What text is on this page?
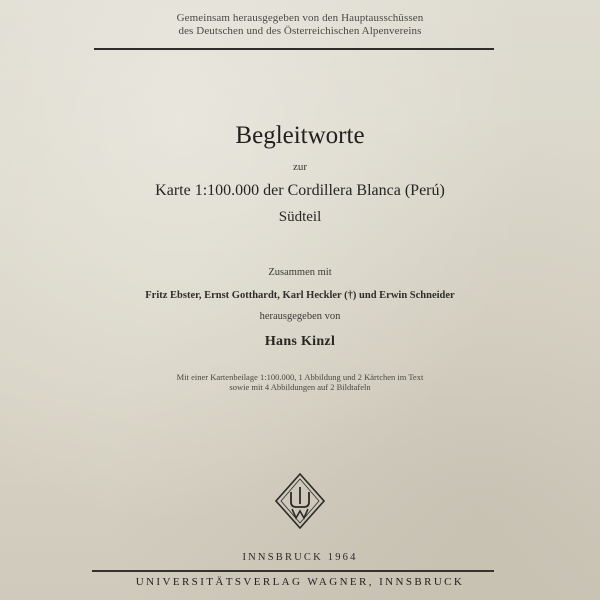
Gemeinsam herausgegeben von den Hauptausschüssen
des Deutschen und des Österreichischen Alpenvereins
Begleitworte
zur
Karte 1:100.000 der Cordillera Blanca (Perú)
Südteil
Zusammen mit
Fritz Ebster, Ernst Gotthardt, Karl Heckler (†) und Erwin Schneider
herausgegeben von
Hans Kinzl
Mit einer Kartenbeilage 1:100.000, 1 Abbildung und 2 Kärtchen im Text
sowie mit 4 Abbildungen auf 2 Bildtafeln
INNSBRUCK 1964
UNIVERSITÄTSVERLAG WAGNER, INNSBRUCK
